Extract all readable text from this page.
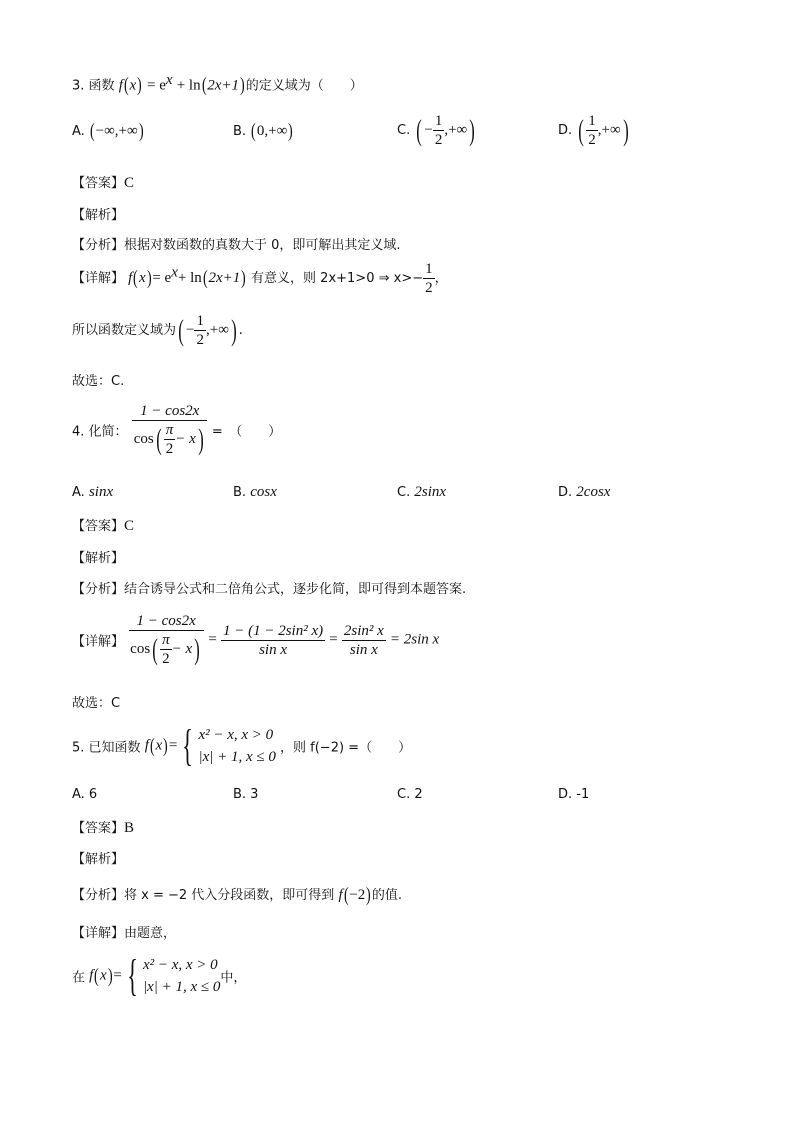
3. 函数 $f(x) = e^x + \ln(2x+1)$的定义域为（　　）
A. (−∞,+∞)	B. (0,+∞)	C. ( − $\frac{1}{2}$ ,+∞)	D. ( $\frac{1}{2}$ ,+∞)
【答案】C
【解析】
【分析】根据对数函数的真数大于 0，即可解出其定义域.
【详解】 $f(x)= e^x+ \ln(2x+1)$ 有意义，则 2x+1>0 ⇒ $x>- \frac{1}{2}$ ，
所以函数定义域为( − $\frac{1}{2}$ ,+∞) .
故选：C.
4. 化简： $\frac{1 - \cos 2x}{\cos( \frac{\pi}{2} - x)}$ =　（　　）
A. sinx	B. cosx	C. 2sinx	D. 2cosx
【答案】C
【解析】
【分析】结合诱导公式和二倍角公式，逐步化简，即可得到本题答案.
【详解】 $\frac{1 - \cos 2x}{\cos( \frac{\pi}{2} - x)} = \frac{\text{1 − (1 − 2sin² x)}}{\text{sin x}} = \frac{\text{2sin² x}}{\text{sin x}} = 2\sin$ x
故选：C
5. 已知函数 f(x)= { x² − x, x > 0
|x| + 1, x ≤ 0
，则 f(−2) =（　　）
A. 6	B. 3	C. 2	D. -1
【答案】B
【解析】
【分析】将 x = −2 代入分段函数，即可得到 f(−2)的值.
【详解】由题意，
在 f(x)= { x² − x, x > 0
|x| + 1, x ≤ 0
中，
